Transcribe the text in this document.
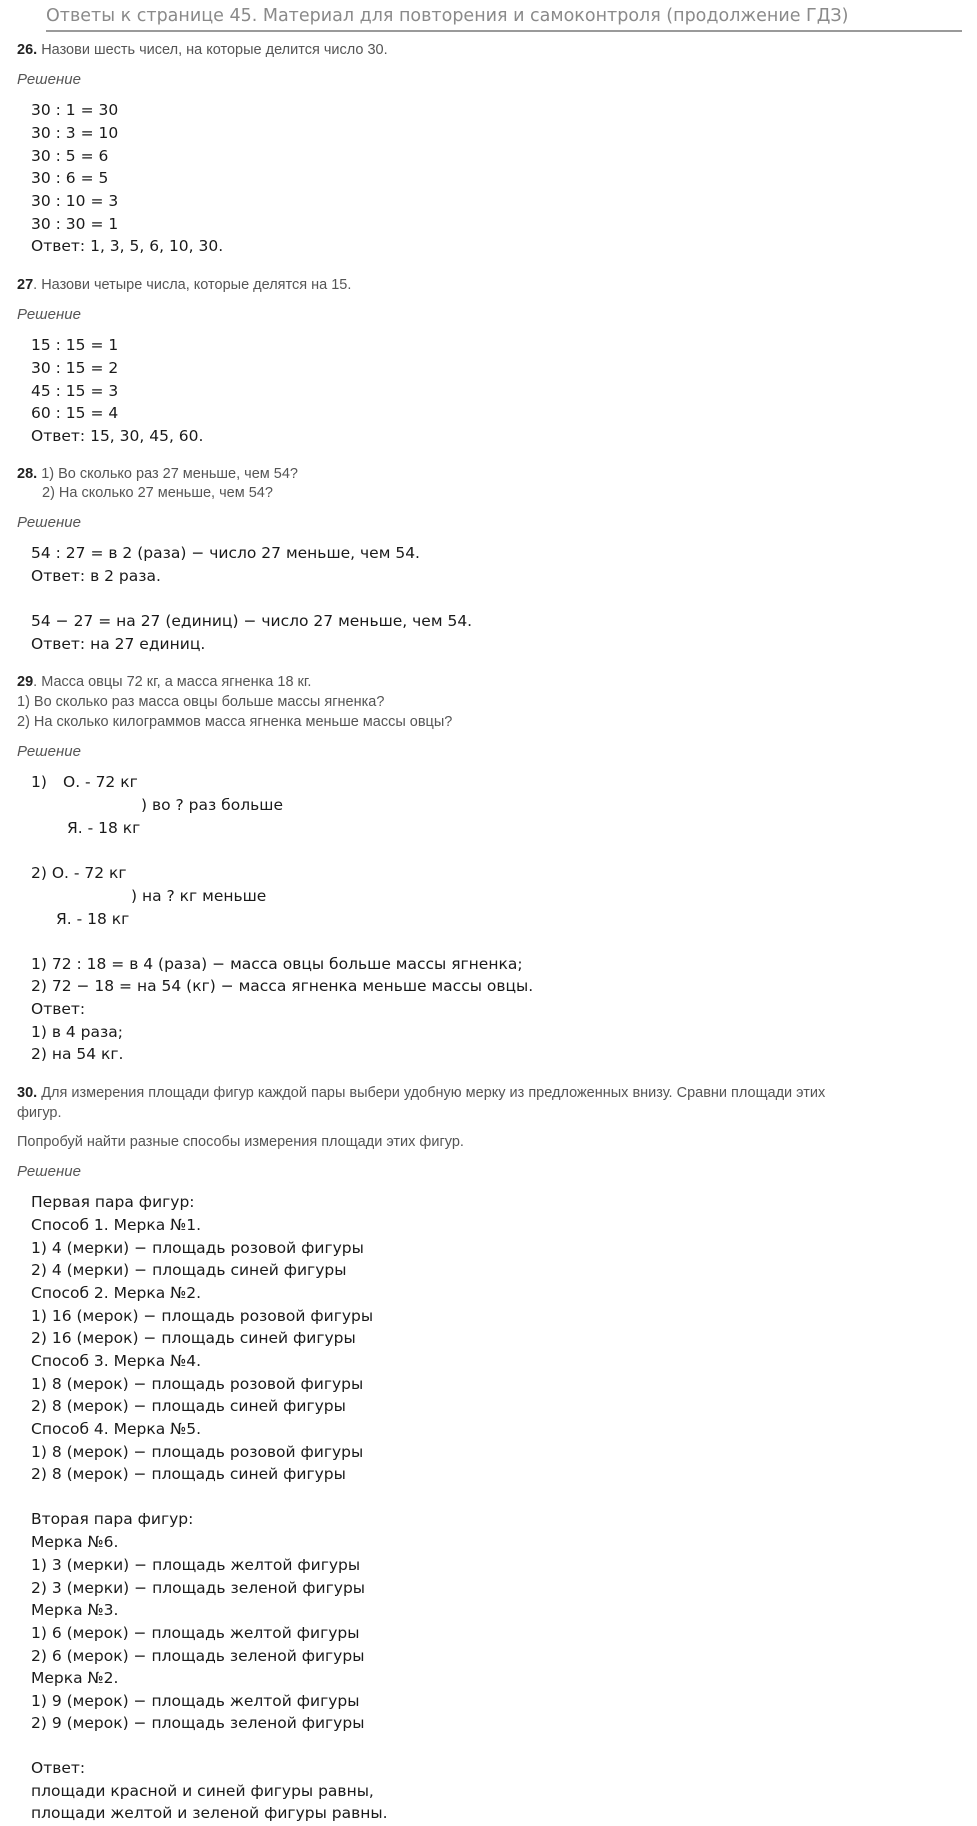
Ответы к странице 45. Материал для повторения и самоконтроля (продолжение ГДЗ)
26. Назови шесть чисел, на которые делится число 30.
Решение
30 : 1 = 30
30 : 3 = 10
30 : 5 = 6
30 : 6 = 5
30 : 10 = 3
30 : 30 = 1
Ответ: 1, 3, 5, 6, 10, 30.
27. Назови четыре числа, которые делятся на 15.
Решение
15 : 15 = 1
30 : 15 = 2
45 : 15 = 3
60 : 15 = 4
Ответ: 15, 30, 45, 60.
28. 1) Во сколько раз 27 меньше, чем 54?
2) На сколько 27 меньше, чем 54?
Решение
54 : 27 = в 2 (раза) − число 27 меньше, чем 54.
Ответ: в 2 раза.
54 − 27 = на 27 (единиц) − число 27 меньше, чем 54.
Ответ: на 27 единиц.
29. Масса овцы 72 кг, а масса ягненка 18 кг.
1) Во сколько раз масса овцы больше массы ягненка?
2) На сколько килограммов масса ягненка меньше массы овцы?
Решение
1) О. - 72 кг
) во ? раз больше
Я. - 18 кг
2) О. - 72 кг
) на ? кг меньше
Я. - 18 кг
1) 72 : 18 = в 4 (раза) − масса овцы больше массы ягненка;
2) 72 − 18 = на 54 (кг) − масса ягненка меньше массы овцы.
Ответ:
1) в 4 раза;
2) на 54 кг.
30. Для измерения площади фигур каждой пары выбери удобную мерку из предложенных внизу. Сравни площади этих
фигур.
Попробуй найти разные способы измерения площади этих фигур.
Решение
Первая пара фигур:
Способ 1. Мерка №1.
1) 4 (мерки) − площадь розовой фигуры
2) 4 (мерки) − площадь синей фигуры
Способ 2. Мерка №2.
1) 16 (мерок) − площадь розовой фигуры
2) 16 (мерок) − площадь синей фигуры
Способ 3. Мерка №4.
1) 8 (мерок) − площадь розовой фигуры
2) 8 (мерок) − площадь синей фигуры
Способ 4. Мерка №5.
1) 8 (мерок) − площадь розовой фигуры
2) 8 (мерок) − площадь синей фигуры
Вторая пара фигур:
Мерка №6.
1) 3 (мерки) − площадь желтой фигуры
2) 3 (мерки) − площадь зеленой фигуры
Мерка №3.
1) 6 (мерок) − площадь желтой фигуры
2) 6 (мерок) − площадь зеленой фигуры
Мерка №2.
1) 9 (мерок) − площадь желтой фигуры
2) 9 (мерок) − площадь зеленой фигуры
Ответ:
площади красной и синей фигуры равны,
площади желтой и зеленой фигуры равны.
